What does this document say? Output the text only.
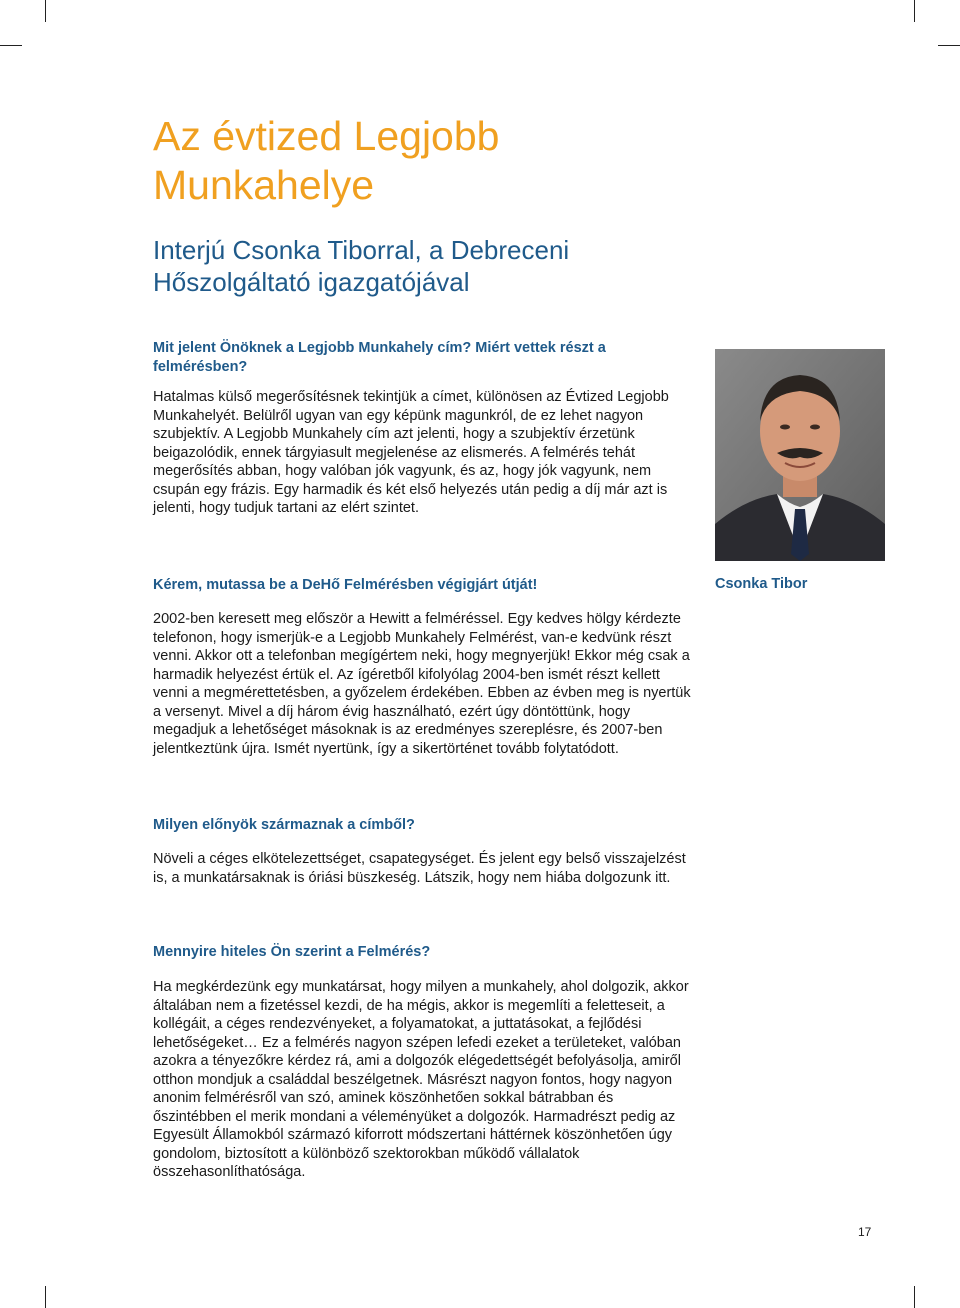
Az évtized Legjobb Munkahelye
Interjú Csonka Tiborral, a Debreceni Hőszolgáltató igazgatójával

Mit jelent Önöknek a Legjobb Munkahely cím? Miért vettek részt a felmérésben?

Hatalmas külső megerősítésnek tekintjük a címet, különösen az Évtized Legjobb Munkahelyét. Belülről ugyan van egy képünk magunkról, de ez lehet nagyon szubjektív. A Legjobb Munkahely cím azt jelenti, hogy a szubjektív érzetünk beigazolódik, ennek tárgyiasult megjelenése az elismerés. A felmérés tehát megerősítés abban, hogy valóban jók vagyunk, és az, hogy jók vagyunk, nem csupán egy frázis. Egy harmadik és két első helyezés után pedig a díj már azt is jelenti, hogy tudjuk tartani az elért szintet.

Kérem, mutassa be a DeHő Felmérésben végigjárt útját!

2002-ben keresett meg először a Hewitt a felméréssel. Egy kedves hölgy kérdezte telefonon, hogy ismerjük-e a Legjobb Munkahely Felmérést, van-e kedvünk részt venni. Akkor ott a telefonban megígértem neki, hogy megnyerjük! Ekkor még csak a harmadik helyezést értük el. Az ígéretből kifolyólag 2004-ben ismét részt kellett venni a megmérettetésben, a győzelem érdekében. Ebben az évben meg is nyertük a versenyt. Mivel a díj három évig használható, ezért úgy döntöttünk, hogy megadjuk a lehetőséget másoknak is az eredményes szereplésre, és 2007-ben jelentkeztünk újra. Ismét nyertünk, így a sikertörténet tovább folytatódott.

Milyen előnyök származnak a címből?

Növeli a céges elkötelezettséget, csapategységet. És jelent egy belső visszajelzést is, a munkatársaknak is óriási büszkeség. Látszik, hogy nem hiába dolgozunk itt.

Mennyire hiteles Ön szerint a Felmérés?

Ha megkérdezünk egy munkatársat, hogy milyen a munkahely, ahol dolgozik, akkor általában nem a fizetéssel kezdi, de ha mégis, akkor is megemlíti a feletteseit, a kollégáit, a céges rendezvényeket, a folyamatokat, a juttatásokat, a fejlődési lehetőségeket… Ez a felmérés nagyon szépen lefedi ezeket a területeket, valóban azokra a tényezőkre kérdez rá, ami a dolgozók elégedettségét befolyásolja, amiről otthon mondjuk a családdal beszélgetnek. Másrészt nagyon fontos, hogy nagyon anonim felmérésről van szó, aminek köszönhetően sokkal bátrabban és őszintébben el merik mondani a véleményüket a dolgozók. Harmadrészt pedig az Egyesült Államokból származó kiforrott módszertani háttérnek köszönhetően úgy gondolom, biztosított a különböző szektorokban működő vállalatok összehasonlíthatósága.

Csonka Tibor
17
